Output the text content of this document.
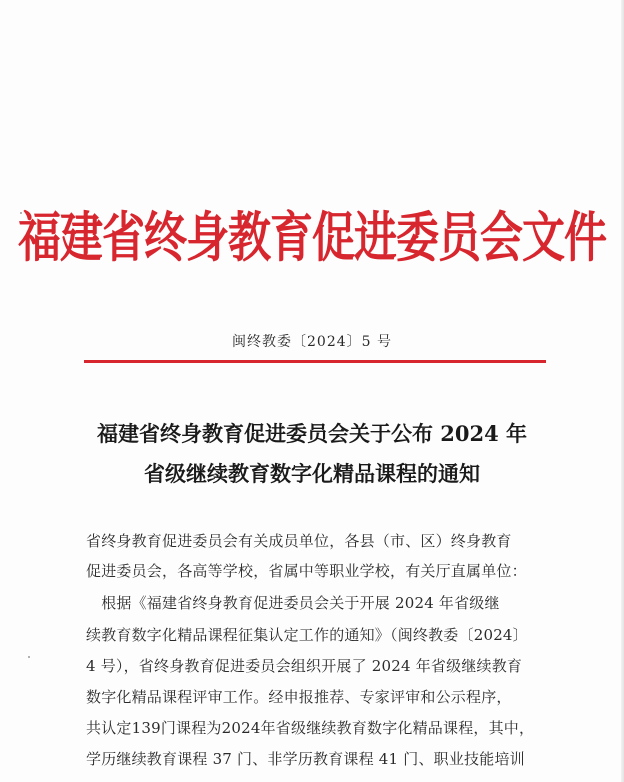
福建省终身教育促进委员会文件
闽终教委〔2024〕5 号
福建省终身教育促进委员会关于公布 2024 年
省级继续教育数字化精品课程的通知
省终身教育促进委员会有关成员单位，各县（市、区）终身教育
促进委员会，各高等学校，省属中等职业学校，有关厅直属单位：
　根据《福建省终身教育促进委员会关于开展 2024 年省级继
续教育数字化精品课程征集认定工作的通知》（闽终教委〔2024〕
4 号），省终身教育促进委员会组织开展了 2024 年省级继续教育
数字化精品课程评审工作。经申报推荐、专家评审和公示程序，
共认定139门课程为2024年省级继续教育数字化精品课程，其中，
学历继续教育课程 37 门、非学历教育课程 41 门、职业技能培训
